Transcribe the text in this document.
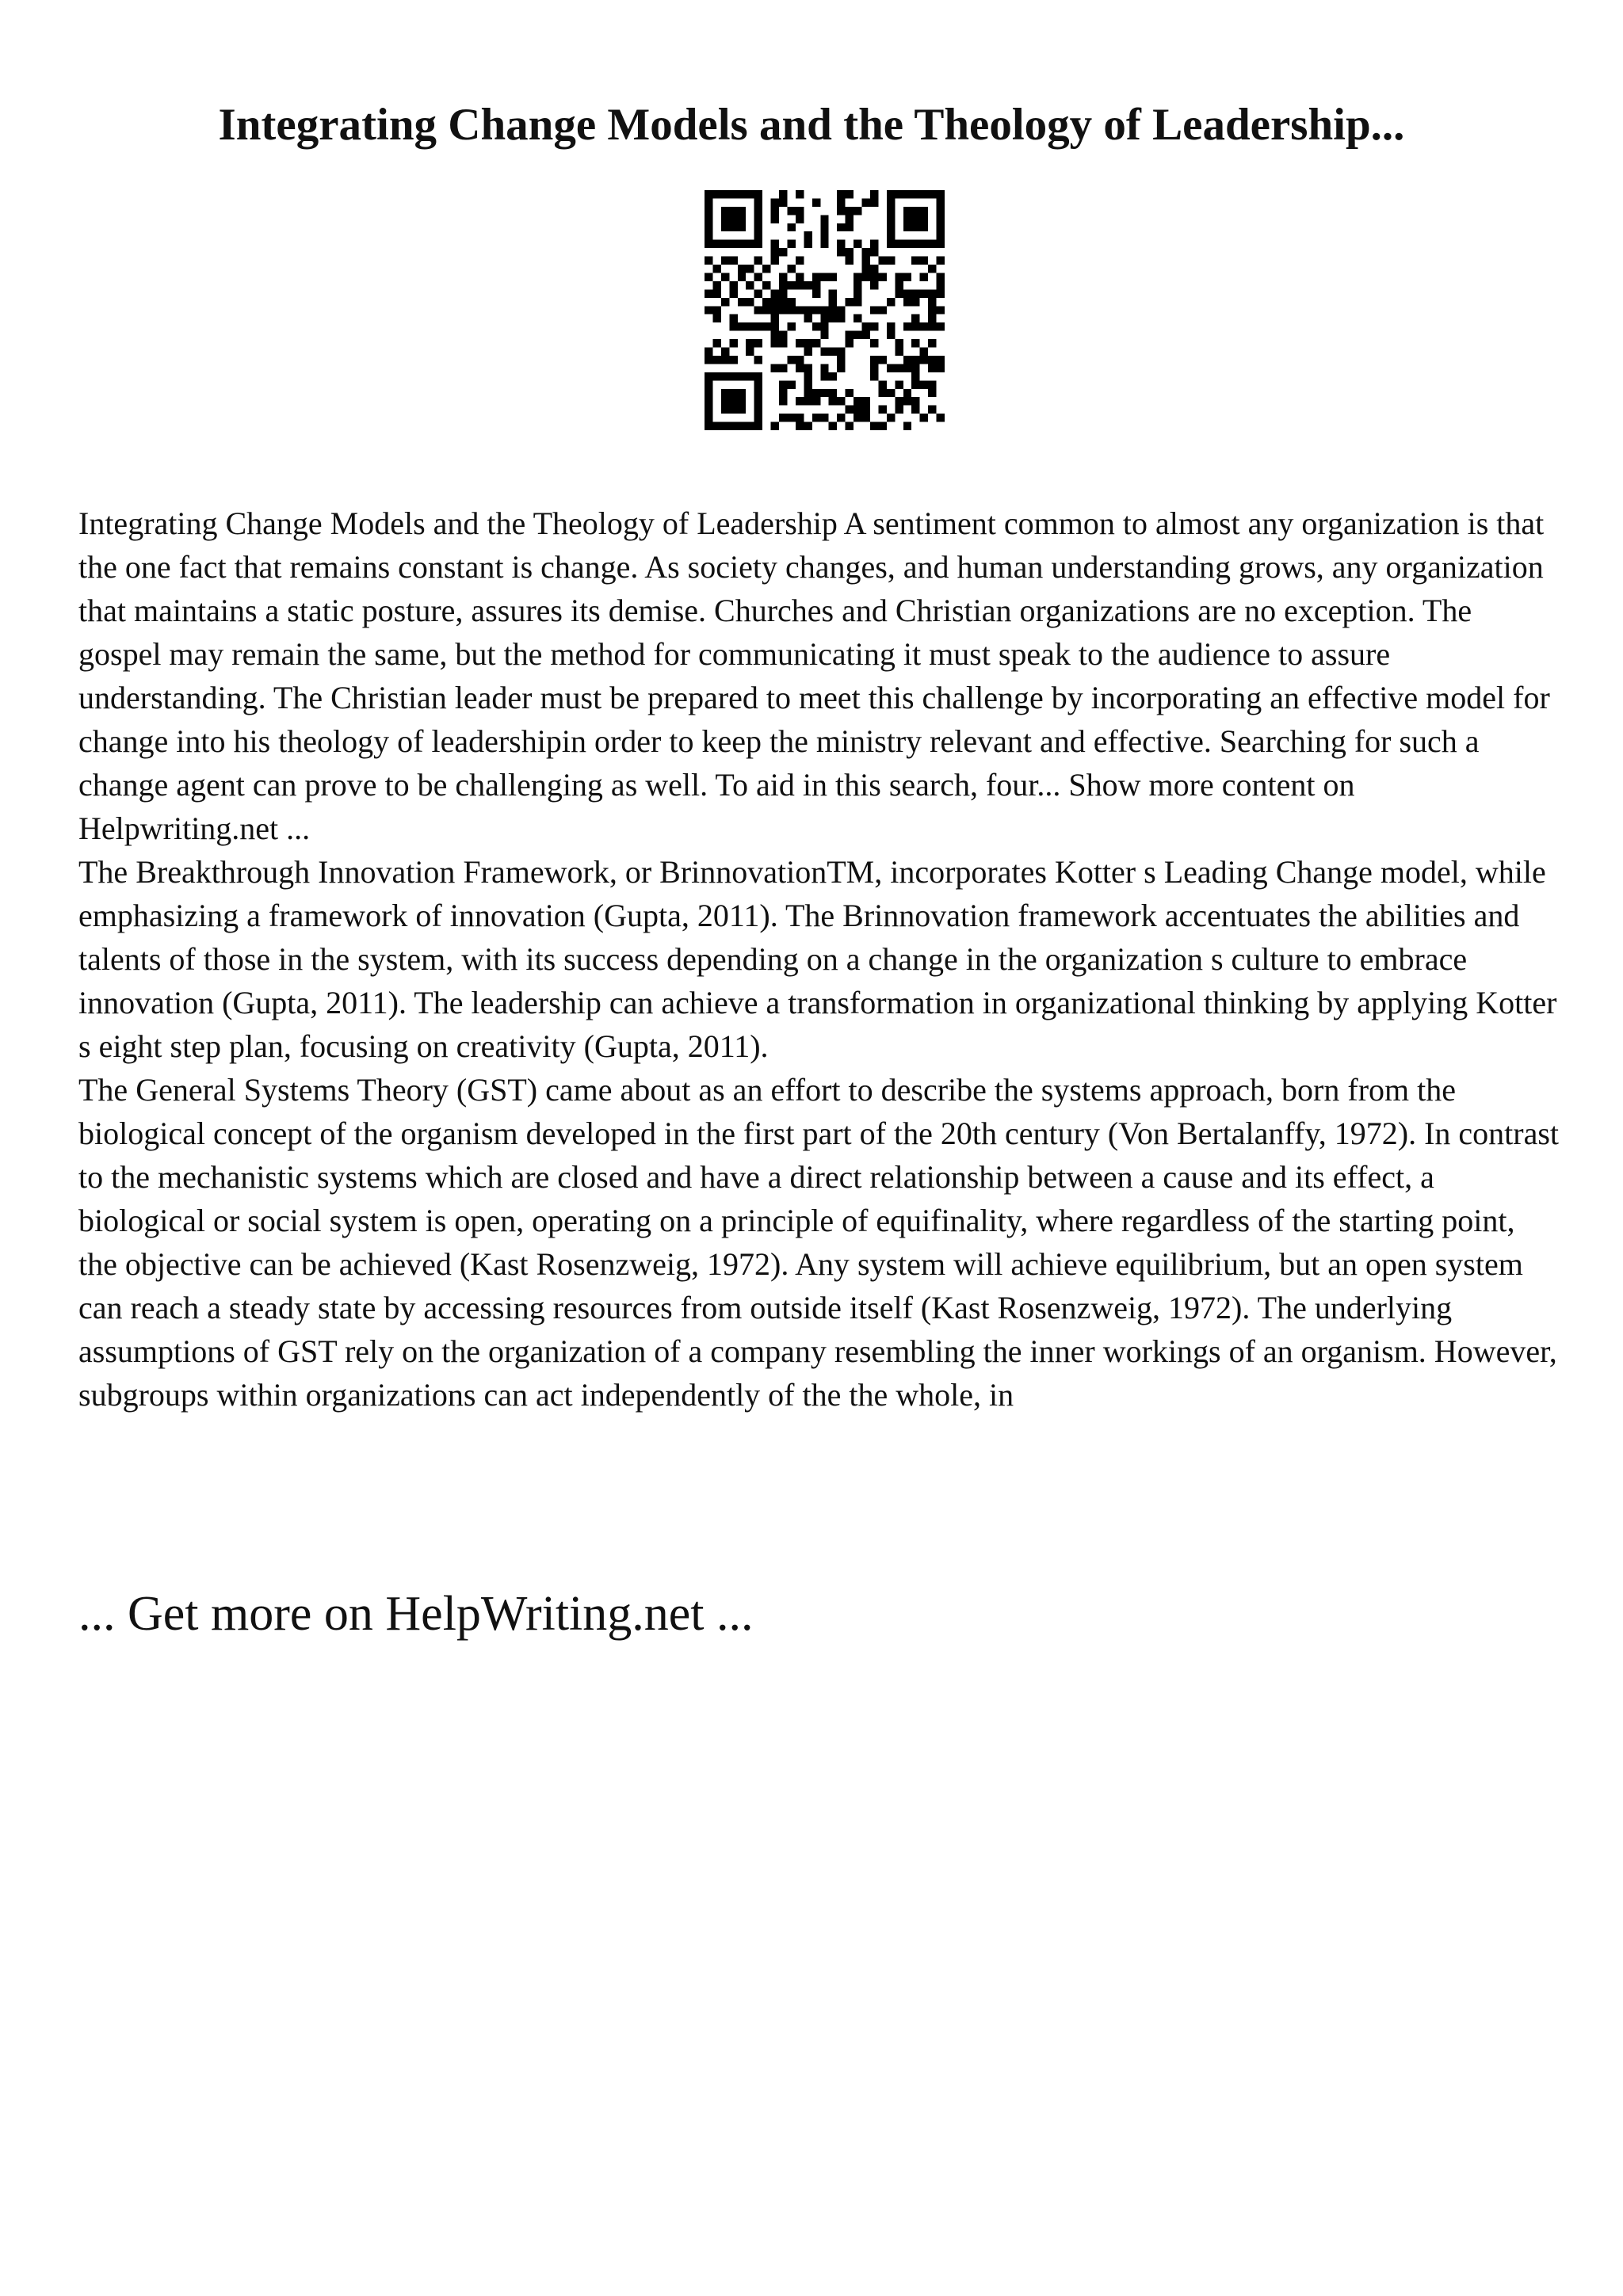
Integrating Change Models and the Theology of Leadership...

Integrating Change Models and the Theology of Leadership A sentiment common to almost any organization is that the one fact that remains constant is change. As society changes, and human understanding grows, any organization that maintains a static posture, assures its demise. Churches and Christian organizations are no exception. The gospel may remain the same, but the method for communicating it must speak to the audience to assure understanding. The Christian leader must be prepared to meet this challenge by incorporating an effective model for change into his theology of leadershipin order to keep the ministry relevant and effective. Searching for such a change agent can prove to be challenging as well. To aid in this search, four... Show more content on Helpwriting.net ...

The Breakthrough Innovation Framework, or BrinnovationTM, incorporates Kotter s Leading Change model, while emphasizing a framework of innovation (Gupta, 2011). The Brinnovation framework accentuates the abilities and talents of those in the system, with its success depending on a change in the organization s culture to embrace innovation (Gupta, 2011). The leadership can achieve a transformation in organizational thinking by applying Kotter s eight step plan, focusing on creativity (Gupta, 2011).

The General Systems Theory (GST) came about as an effort to describe the systems approach, born from the biological concept of the organism developed in the first part of the 20th century (Von Bertalanffy, 1972). In contrast to the mechanistic systems which are closed and have a direct relationship between a cause and its effect, a biological or social system is open, operating on a principle of equifinality, where regardless of the starting point, the objective can be achieved (Kast Rosenzweig, 1972). Any system will achieve equilibrium, but an open system can reach a steady state by accessing resources from outside itself (Kast Rosenzweig, 1972). The underlying assumptions of GST rely on the organization of a company resembling the inner workings of an organism. However, subgroups within organizations can act independently of the the whole, in

... Get more on HelpWriting.net ...
